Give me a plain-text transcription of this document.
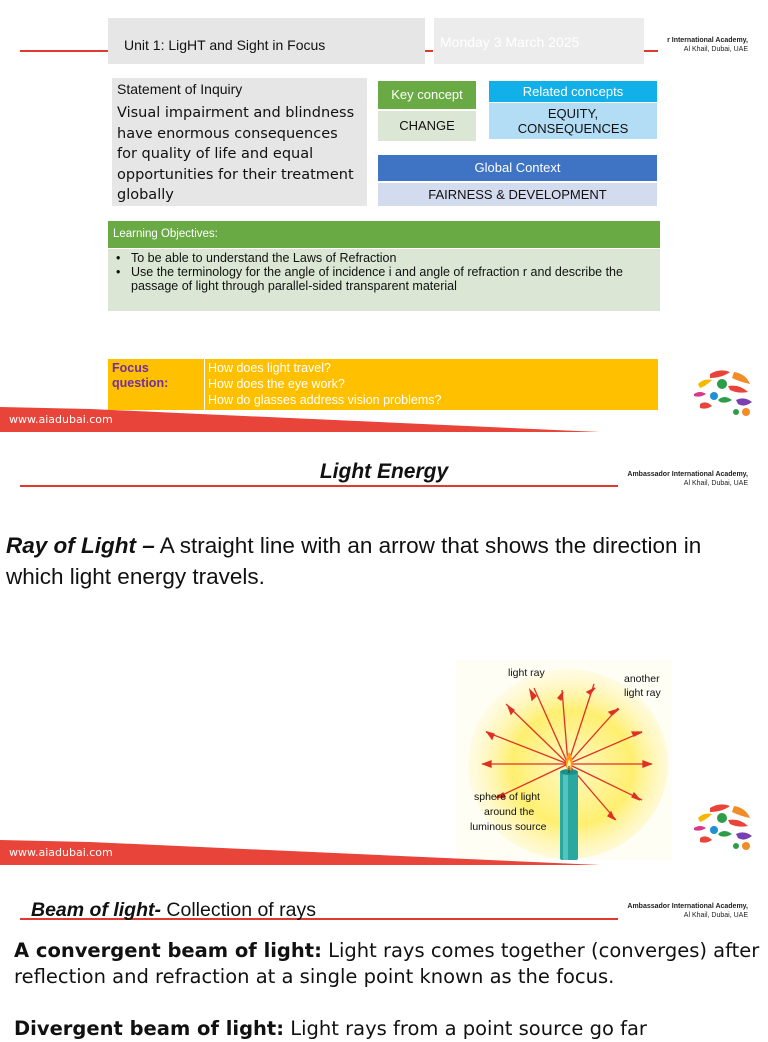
Unit 1: LigHT and Sight in Focus	Monday 3 March 2025	r International Academy,
Al Khail, Dubai, UAE
Statement of Inquiry
Visual impairment and blindness have enormous consequences for quality of life and equal opportunities for their treatment globally
Key concept
CHANGE
Related concepts
EQUITY,
CONSEQUENCES
Global Context
FAIRNESS & DEVELOPMENT
Learning Objectives:
• To be able to understand the Laws of Refraction
• Use the terminology for the angle of incidence i and angle of refraction r and describe the passage of light through parallel-sided transparent material
Focus question:
How does light travel?
How does the eye work?
How do glasses address vision problems?
www.aiadubai.com
Light Energy	Ambassador International Academy,
Al Khail, Dubai, UAE
Ray of Light – A straight line with an arrow that shows the direction in which light energy travels.
light ray	another
light ray
sphere of light
around the
luminous source
www.aiadubai.com
Beam of light- Collection of rays	Ambassador International Academy,
Al Khail, Dubai, UAE
A convergent beam of light: Light rays comes together (converges) after reflection and refraction at a single point known as the focus.
Divergent beam of light: Light rays from a point source go far
